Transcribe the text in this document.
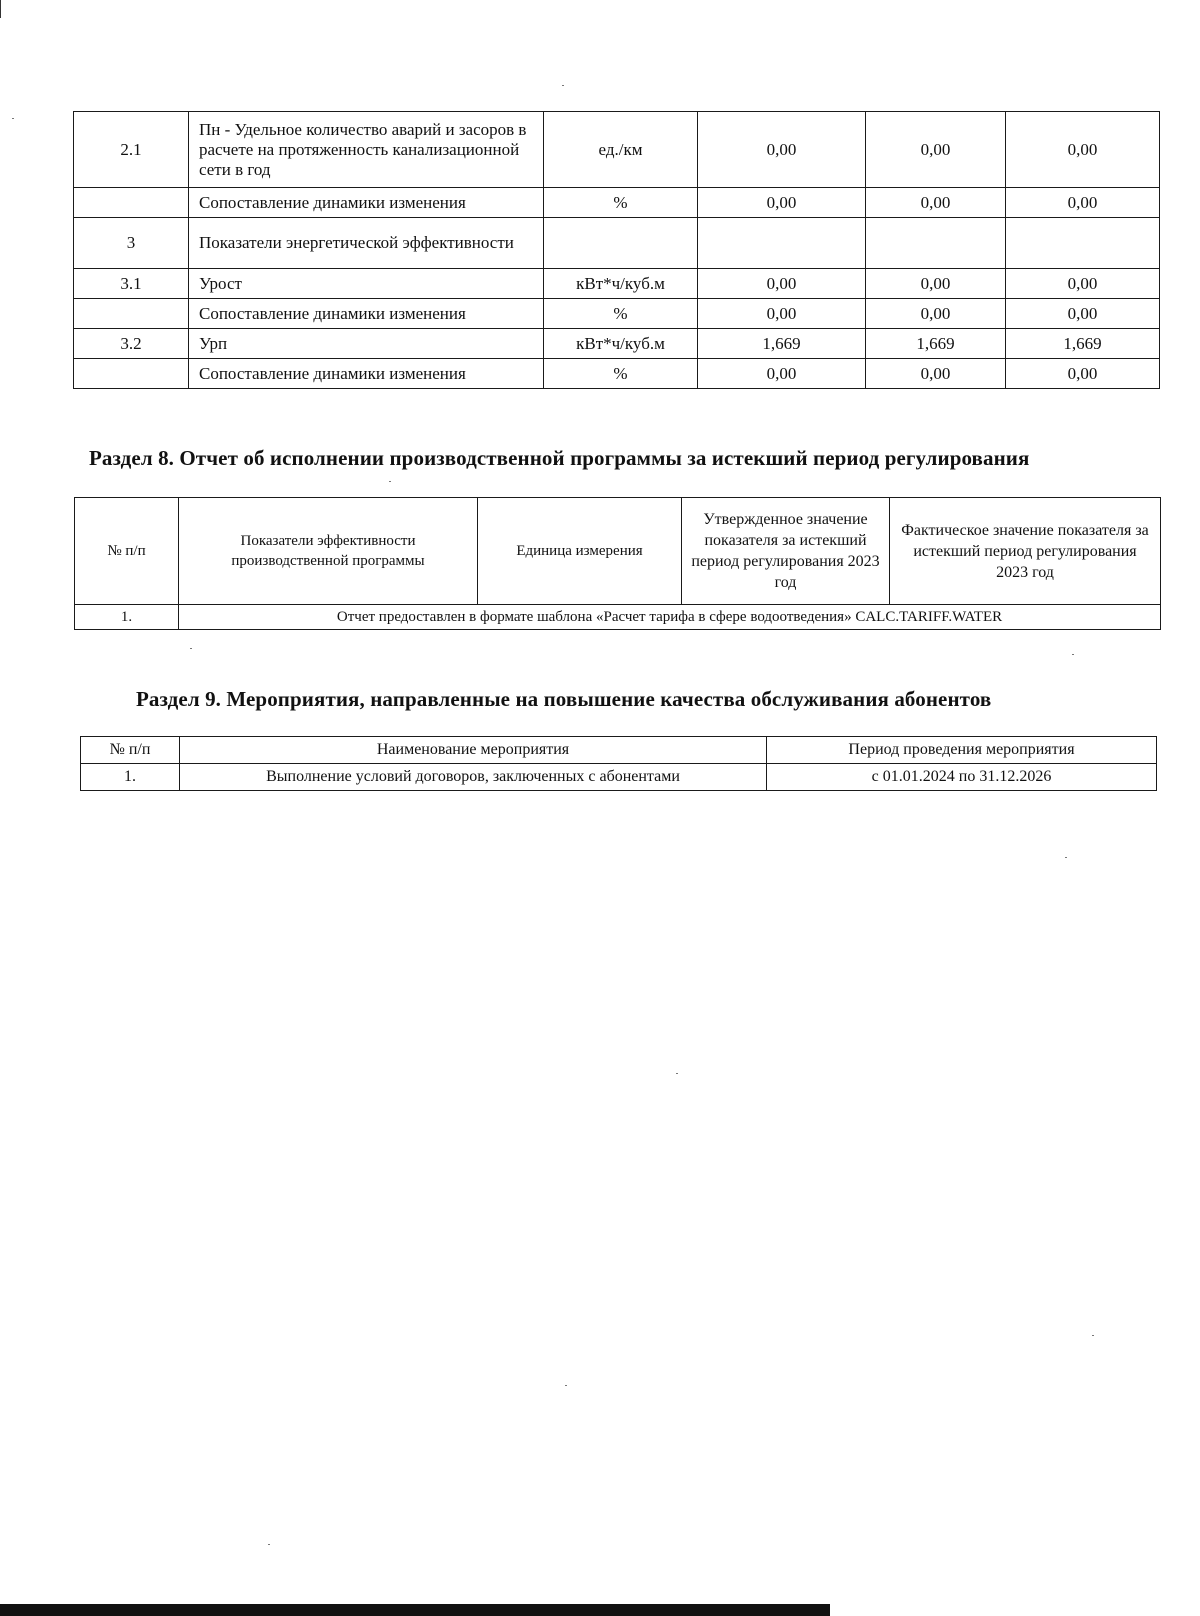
2.1	Пн - Удельное количество аварий и засоров в расчете на протяженность канализационной сети в год	ед./км	0,00	0,00	0,00
	Сопоставление динамики изменения	%	0,00	0,00	0,00
3	Показатели энергетической эффективности				
3.1	Урост	кВт*ч/куб.м	0,00	0,00	0,00
	Сопоставление динамики изменения	%	0,00	0,00	0,00
3.2	Урп	кВт*ч/куб.м	1,669	1,669	1,669
	Сопоставление динамики изменения	%	0,00	0,00	0,00
Раздел 8. Отчет об исполнении производственной программы за истекший период регулирования
№ п/п	Показатели эффективности производственной программы	Единица измерения	Утвержденное значение показателя за истекший период регулирования 2023 год	Фактическое значение показателя за истекший период регулирования 2023 год
1.	Отчет предоставлен в формате шаблона «Расчет тарифа в сфере водоотведения» CALC.TARIFF.WATER			
Раздел 9. Мероприятия, направленные на повышение качества обслуживания абонентов
№ п/п	Наименование мероприятия	Период проведения мероприятия
1.	Выполнение условий договоров, заключенных с абонентами	с 01.01.2024 по 31.12.2026
